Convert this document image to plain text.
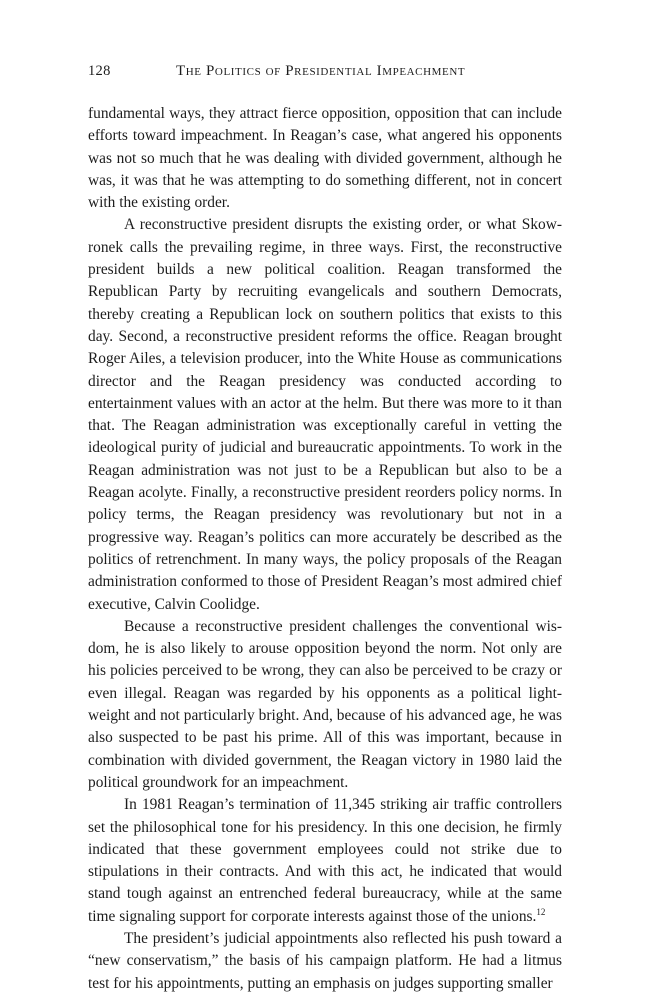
128	The Politics of Presidential Impeachment

fundamental ways, they attract fierce opposition, opposition that can include efforts toward impeachment. In Reagan’s case, what angered his opponents was not so much that he was dealing with divided government, although he was, it was that he was attempting to do something different, not in concert with the existing order.

A reconstructive president disrupts the existing order, or what Skowronek calls the prevailing regime, in three ways. First, the reconstructive president builds a new political coalition. Reagan transformed the Republican Party by recruiting evangelicals and southern Democrats, thereby creating a Republican lock on southern politics that exists to this day. Second, a reconstructive president reforms the office. Reagan brought Roger Ailes, a television producer, into the White House as communications director and the Reagan presidency was conducted according to entertainment values with an actor at the helm. But there was more to it than that. The Reagan administration was exceptionally careful in vetting the ideological purity of judicial and bureaucratic appointments. To work in the Reagan administration was not just to be a Republican but also to be a Reagan acolyte. Finally, a reconstructive president reorders policy norms. In policy terms, the Reagan presidency was revolutionary but not in a progressive way. Reagan’s politics can more accurately be described as the politics of retrenchment. In many ways, the policy proposals of the Reagan administration conformed to those of President Reagan’s most admired chief executive, Calvin Coolidge.

Because a reconstructive president challenges the conventional wisdom, he is also likely to arouse opposition beyond the norm. Not only are his policies perceived to be wrong, they can also be perceived to be crazy or even illegal. Reagan was regarded by his opponents as a political lightweight and not particularly bright. And, because of his advanced age, he was also suspected to be past his prime. All of this was important, because in combination with divided government, the Reagan victory in 1980 laid the political groundwork for an impeachment.

In 1981 Reagan’s termination of 11,345 striking air traffic controllers set the philosophical tone for his presidency. In this one decision, he firmly indicated that these government employees could not strike due to stipulations in their contracts. And with this act, he indicated that would stand tough against an entrenched federal bureaucracy, while at the same time signaling support for corporate interests against those of the unions.$^{12}$

The president’s judicial appointments also reflected his push toward a “new conservatism,” the basis of his campaign platform. He had a litmus test for his appointments, putting an emphasis on judges supporting smaller
